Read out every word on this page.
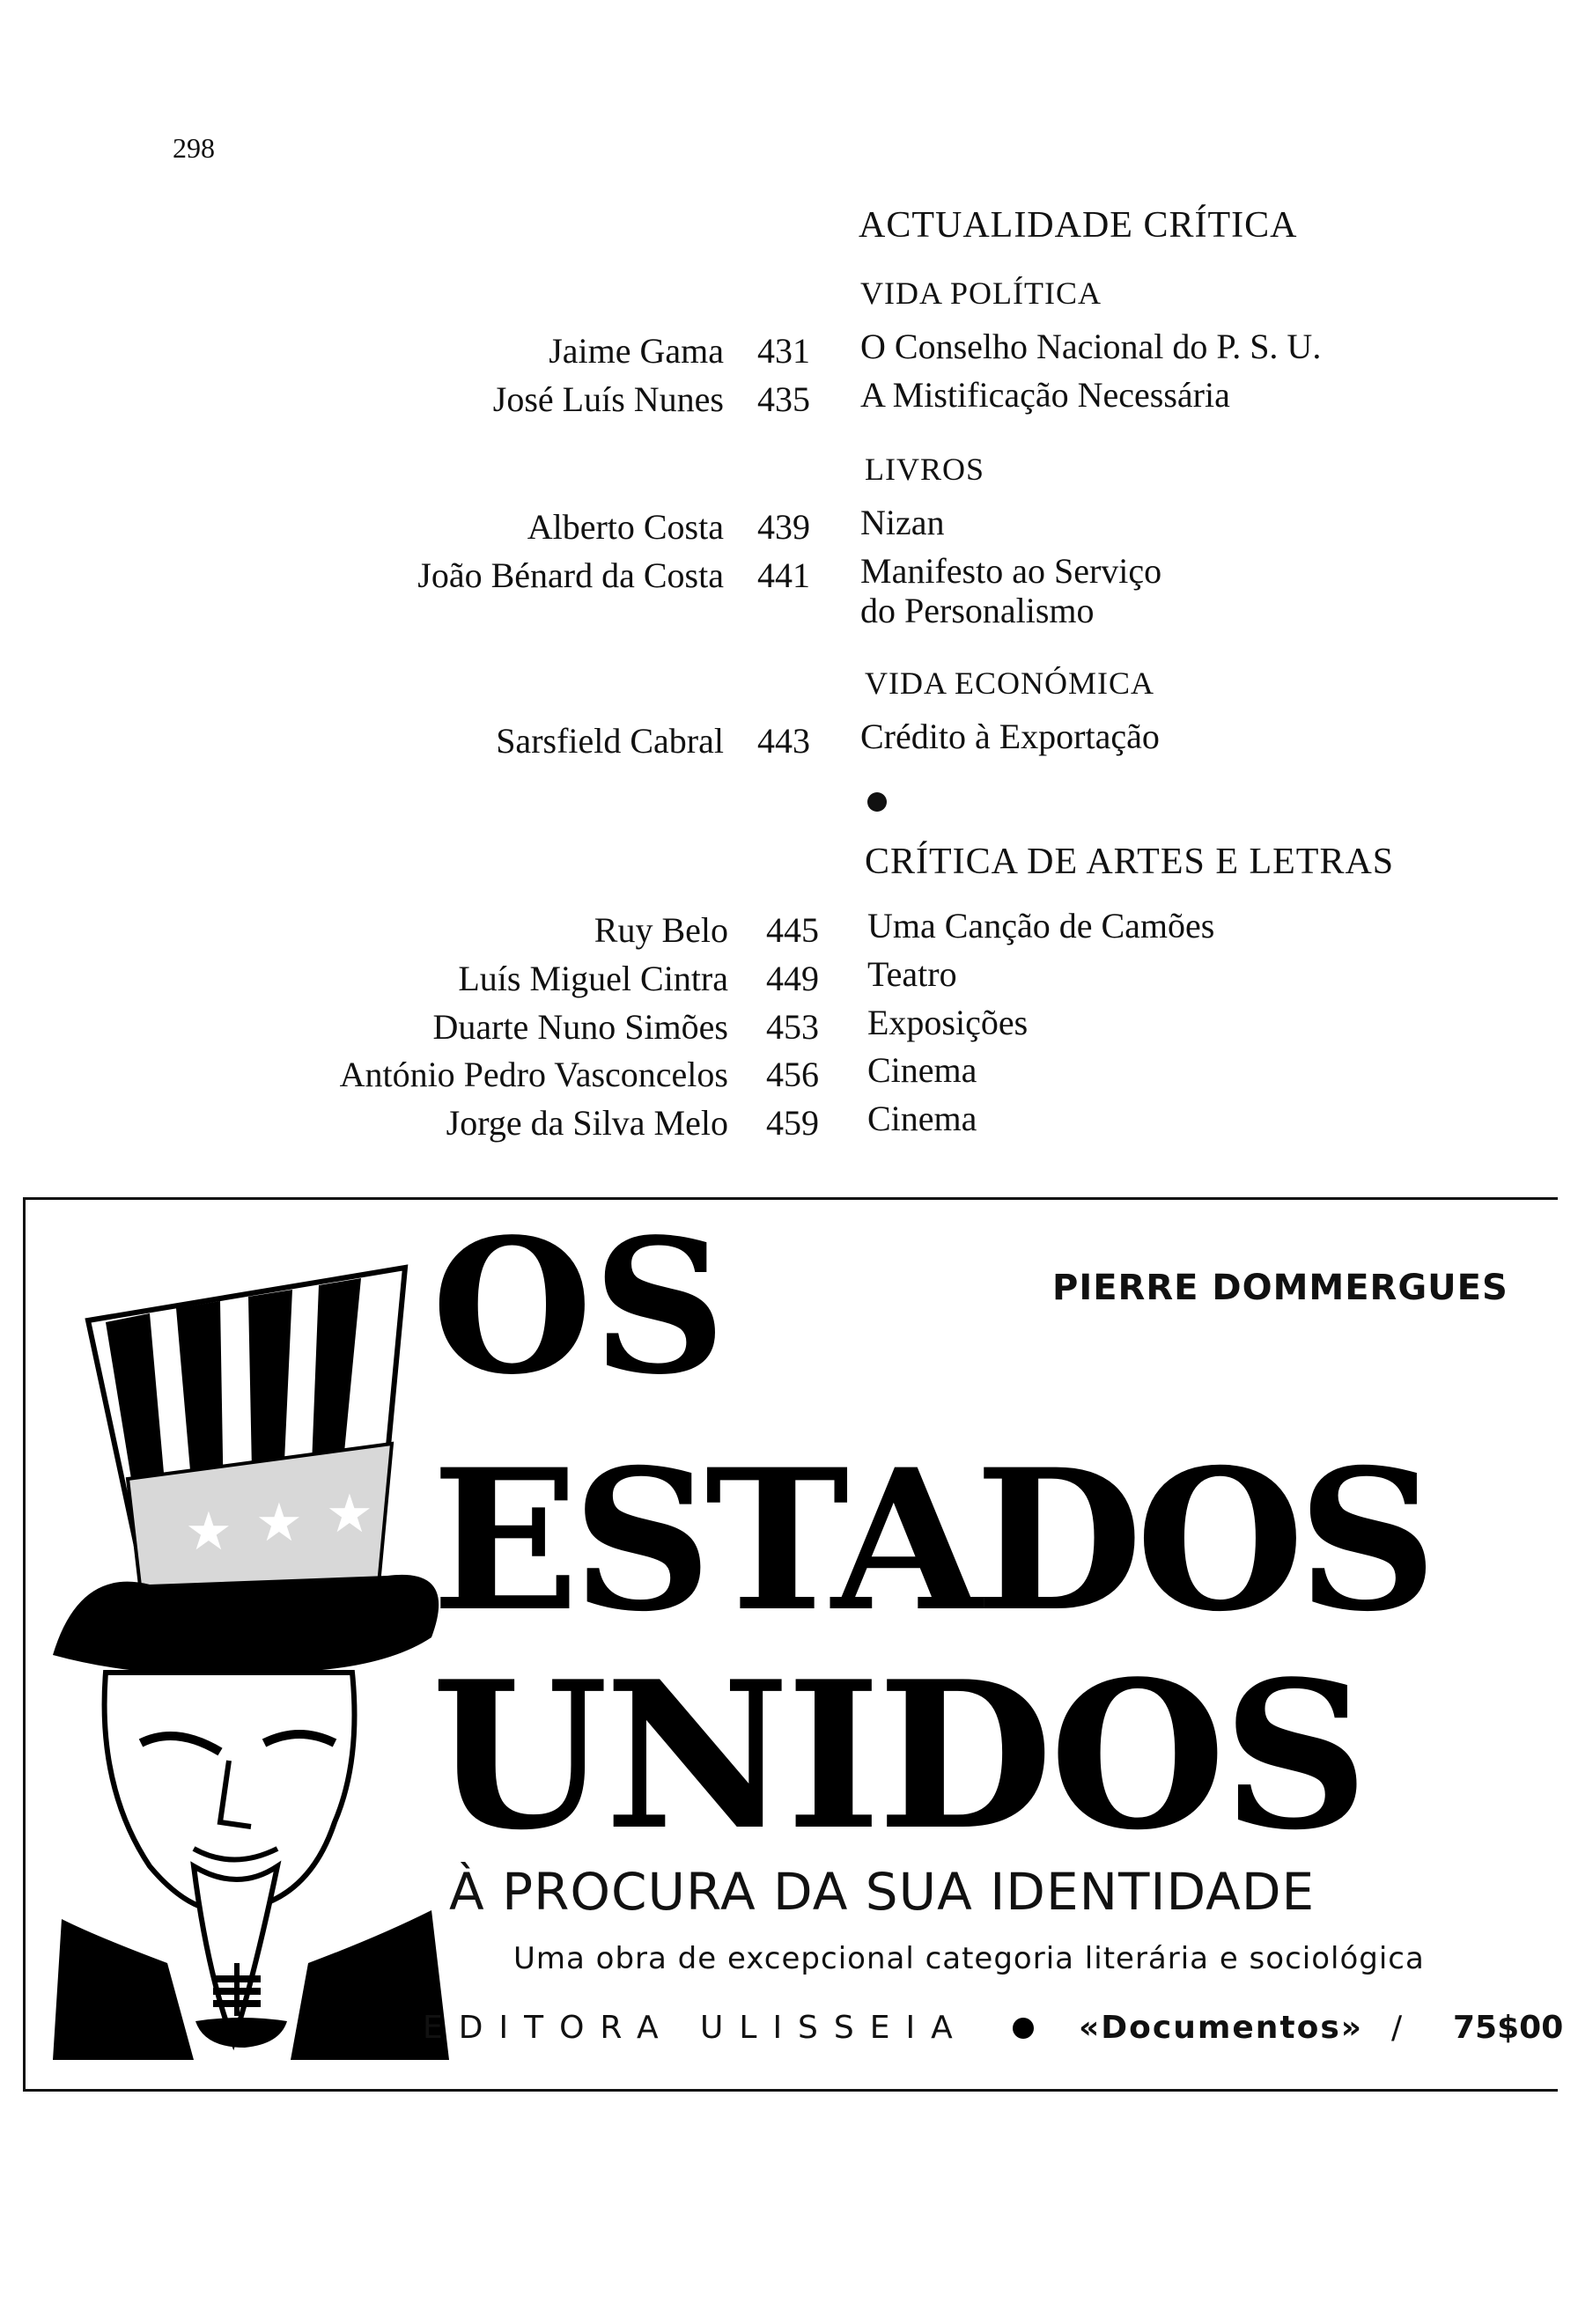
298
ACTUALIDADE CRÍTICA
VIDA POLÍTICA
Jaime Gama 431 O Conselho Nacional do P. S. U.
José Luís Nunes 435 A Mistificação Necessária
LIVROS
Alberto Costa 439 Nizan
João Bénard da Costa 441 Manifesto ao Serviço
do Personalismo
VIDA ECONÓMICA
Sarsfield Cabral 443 Crédito à Exportação
CRÍTICA DE ARTES E LETRAS
Ruy Belo 445 Uma Canção de Camões
Luís Miguel Cintra 449 Teatro
Duarte Nuno Simões 453 Exposições
António Pedro Vasconcelos 456 Cinema
Jorge da Silva Melo 459 Cinema
★ ★ ★
PIERRE DOMMERGUES
OS
ESTADOS
UNIDOS
À PROCURA DA SUA IDENTIDADE
Uma obra de excepcional categoria literária e sociológica
EDITORA ULISSEIA	«Documentos» / 75$00
